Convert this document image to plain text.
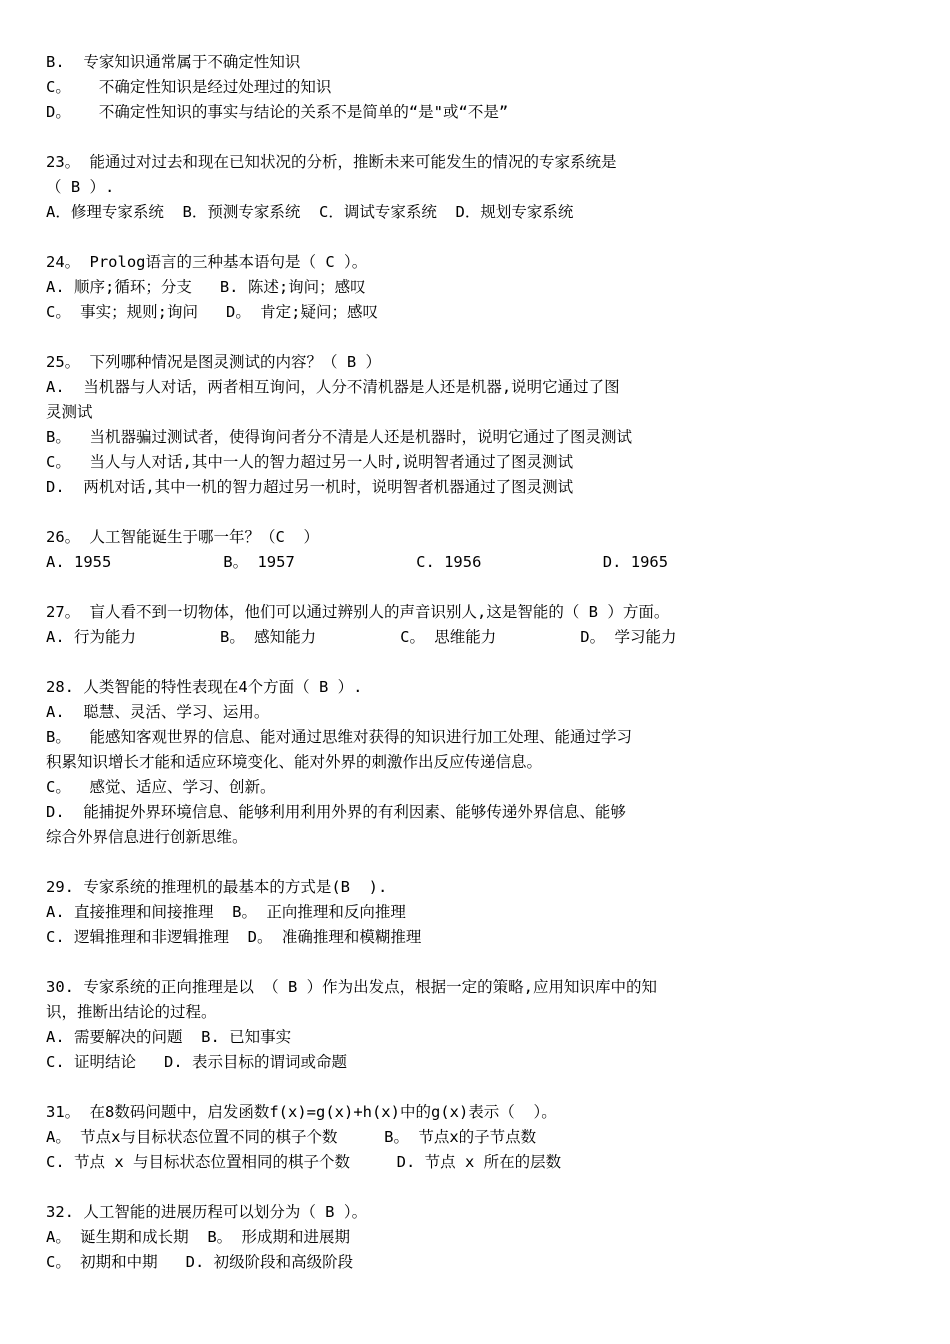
B.  专家知识通常属于不确定性知识
C。   不确定性知识是经过处理过的知识
D。   不确定性知识的事实与结论的关系不是简单的“是"或“不是”
23。 能通过对过去和现在已知状况的分析，推断未来可能发生的情况的专家系统是
（ B ）.
A．修理专家系统  B．预测专家系统  C．调试专家系统  D．规划专家系统
24。 Prolog语言的三种基本语句是（ C ）。
A. 顺序;循环；分支   B. 陈述;询问；感叹
C。 事实；规则;询问   D。 肯定;疑问；感叹
25。 下列哪种情况是图灵测试的内容？（ B ）
A.  当机器与人对话，两者相互询问，人分不清机器是人还是机器,说明它通过了图
灵测试
B。  当机器骗过测试者，使得询问者分不清是人还是机器时，说明它通过了图灵测试
C。  当人与人对话,其中一人的智力超过另一人时,说明智者通过了图灵测试
D.  两机对话,其中一机的智力超过另一机时，说明智者机器通过了图灵测试
26。 人工智能诞生于哪一年？（C  ）
A. 1955            B。 1957             C. 1956             D. 1965
27。 盲人看不到一切物体，他们可以通过辨别人的声音识别人,这是智能的（ B ）方面。
A. 行为能力         B。 感知能力         C。 思维能力         D。 学习能力
28. 人类智能的特性表现在4个方面（ B ）.
A.  聪慧、灵活、学习、运用。
B。  能感知客观世界的信息、能对通过思维对获得的知识进行加工处理、能通过学习
积累知识增长才能和适应环境变化、能对外界的刺激作出反应传递信息。
C。  感觉、适应、学习、创新。
D.  能捕捉外界环境信息、能够利用利用外界的有利因素、能够传递外界信息、能够
综合外界信息进行创新思维。
29. 专家系统的推理机的最基本的方式是(B  ).
A. 直接推理和间接推理  B。 正向推理和反向推理
C. 逻辑推理和非逻辑推理  D。 准确推理和模糊推理
30. 专家系统的正向推理是以 （ B ）作为出发点，根据一定的策略,应用知识库中的知
识，推断出结论的过程。
A. 需要解决的问题  B. 已知事实
C. 证明结论   D. 表示目标的谓词或命题
31。 在8数码问题中，启发函数f(x)=g(x)+h(x)中的g(x)表示（  ）。
A。 节点x与目标状态位置不同的棋子个数     B。 节点x的子节点数
C. 节点 x 与目标状态位置相同的棋子个数     D. 节点 x 所在的层数
32. 人工智能的进展历程可以划分为（ B ）。
A。 诞生期和成长期  B。 形成期和进展期
C。 初期和中期   D. 初级阶段和高级阶段
